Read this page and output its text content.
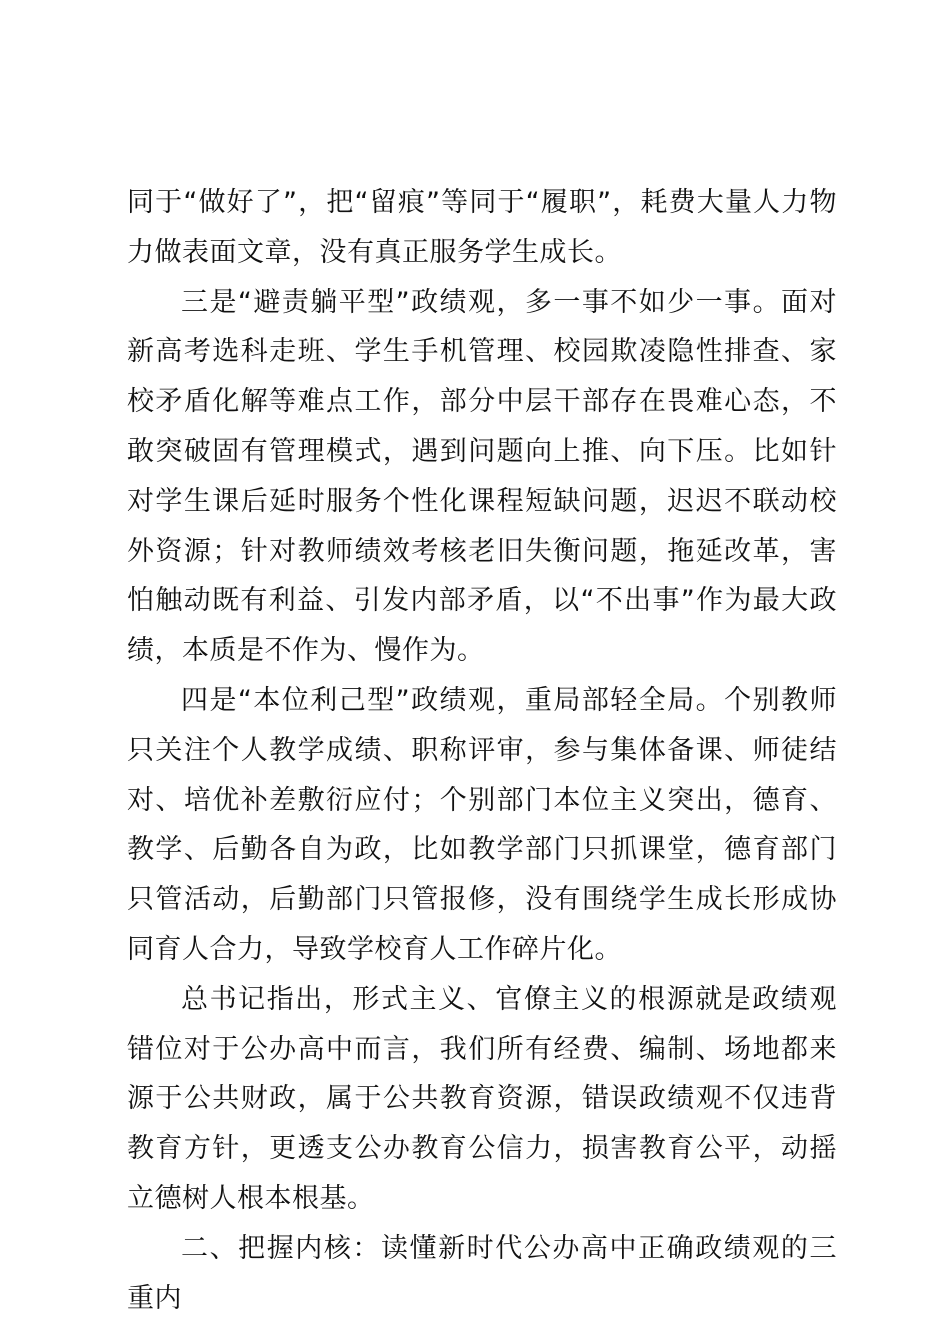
同于“做好了”，把“留痕”等同于“履职”，耗费大量人力物力做表面文章，没有真正服务学生成长。

三是“避责躺平型”政绩观，多一事不如少一事。面对新高考选科走班、学生手机管理、校园欺凌隐性排查、家校矛盾化解等难点工作，部分中层干部存在畏难心态，不敢突破固有管理模式，遇到问题向上推、向下压。比如针对学生课后延时服务个性化课程短缺问题，迟迟不联动校外资源；针对教师绩效考核老旧失衡问题，拖延改革，害怕触动既有利益、引发内部矛盾，以“不出事”作为最大政绩，本质是不作为、慢作为。

四是“本位利己型”政绩观，重局部轻全局。个别教师只关注个人教学成绩、职称评审，参与集体备课、师徒结对、培优补差敷衍应付；个别部门本位主义突出，德育、教学、后勤各自为政，比如教学部门只抓课堂，德育部门只管活动，后勤部门只管报修，没有围绕学生成长形成协同育人合力，导致学校育人工作碎片化。

总书记指出，形式主义、官僚主义的根源就是政绩观错位对于公办高中而言，我们所有经费、编制、场地都来源于公共财政，属于公共教育资源，错误政绩观不仅违背教育方针，更透支公办教育公信力，损害教育公平，动摇立德树人根本根基。

二、把握内核：读懂新时代公办高中正确政绩观的三重内
